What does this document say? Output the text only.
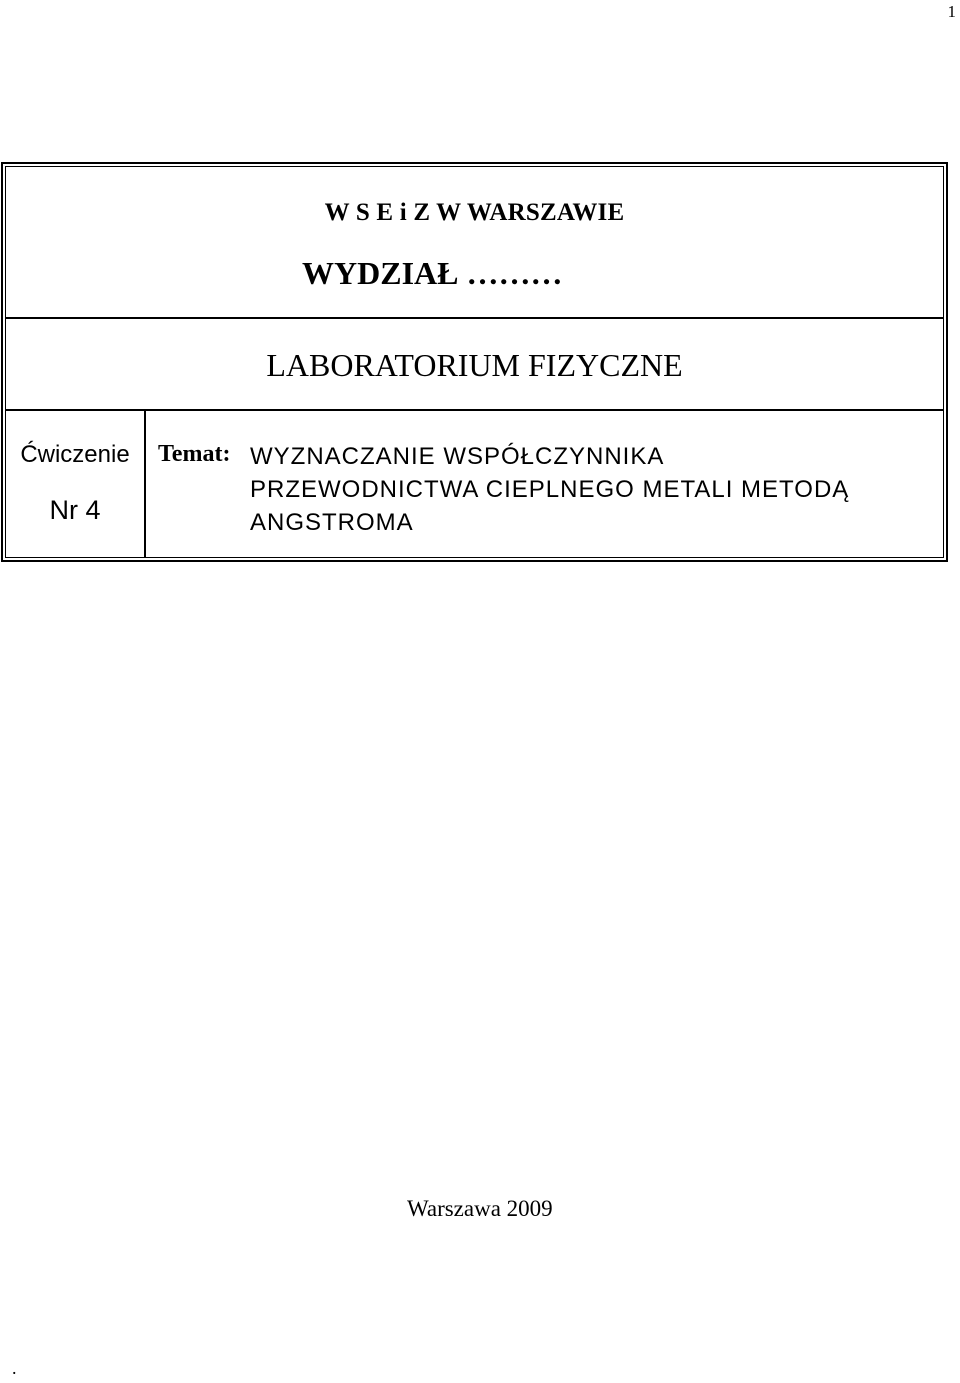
1
W S E i Z W WARSZAWIE
WYDZIAŁ ………
LABORATORIUM FIZYCZNE
Ćwiczenie
Nr 4
Temat: WYZNACZANIE WSPÓŁCZYNNIKA
PRZEWODNICTWA CIEPLNEGO METALI METODĄ
ANGSTROMA
Warszawa 2009
.
